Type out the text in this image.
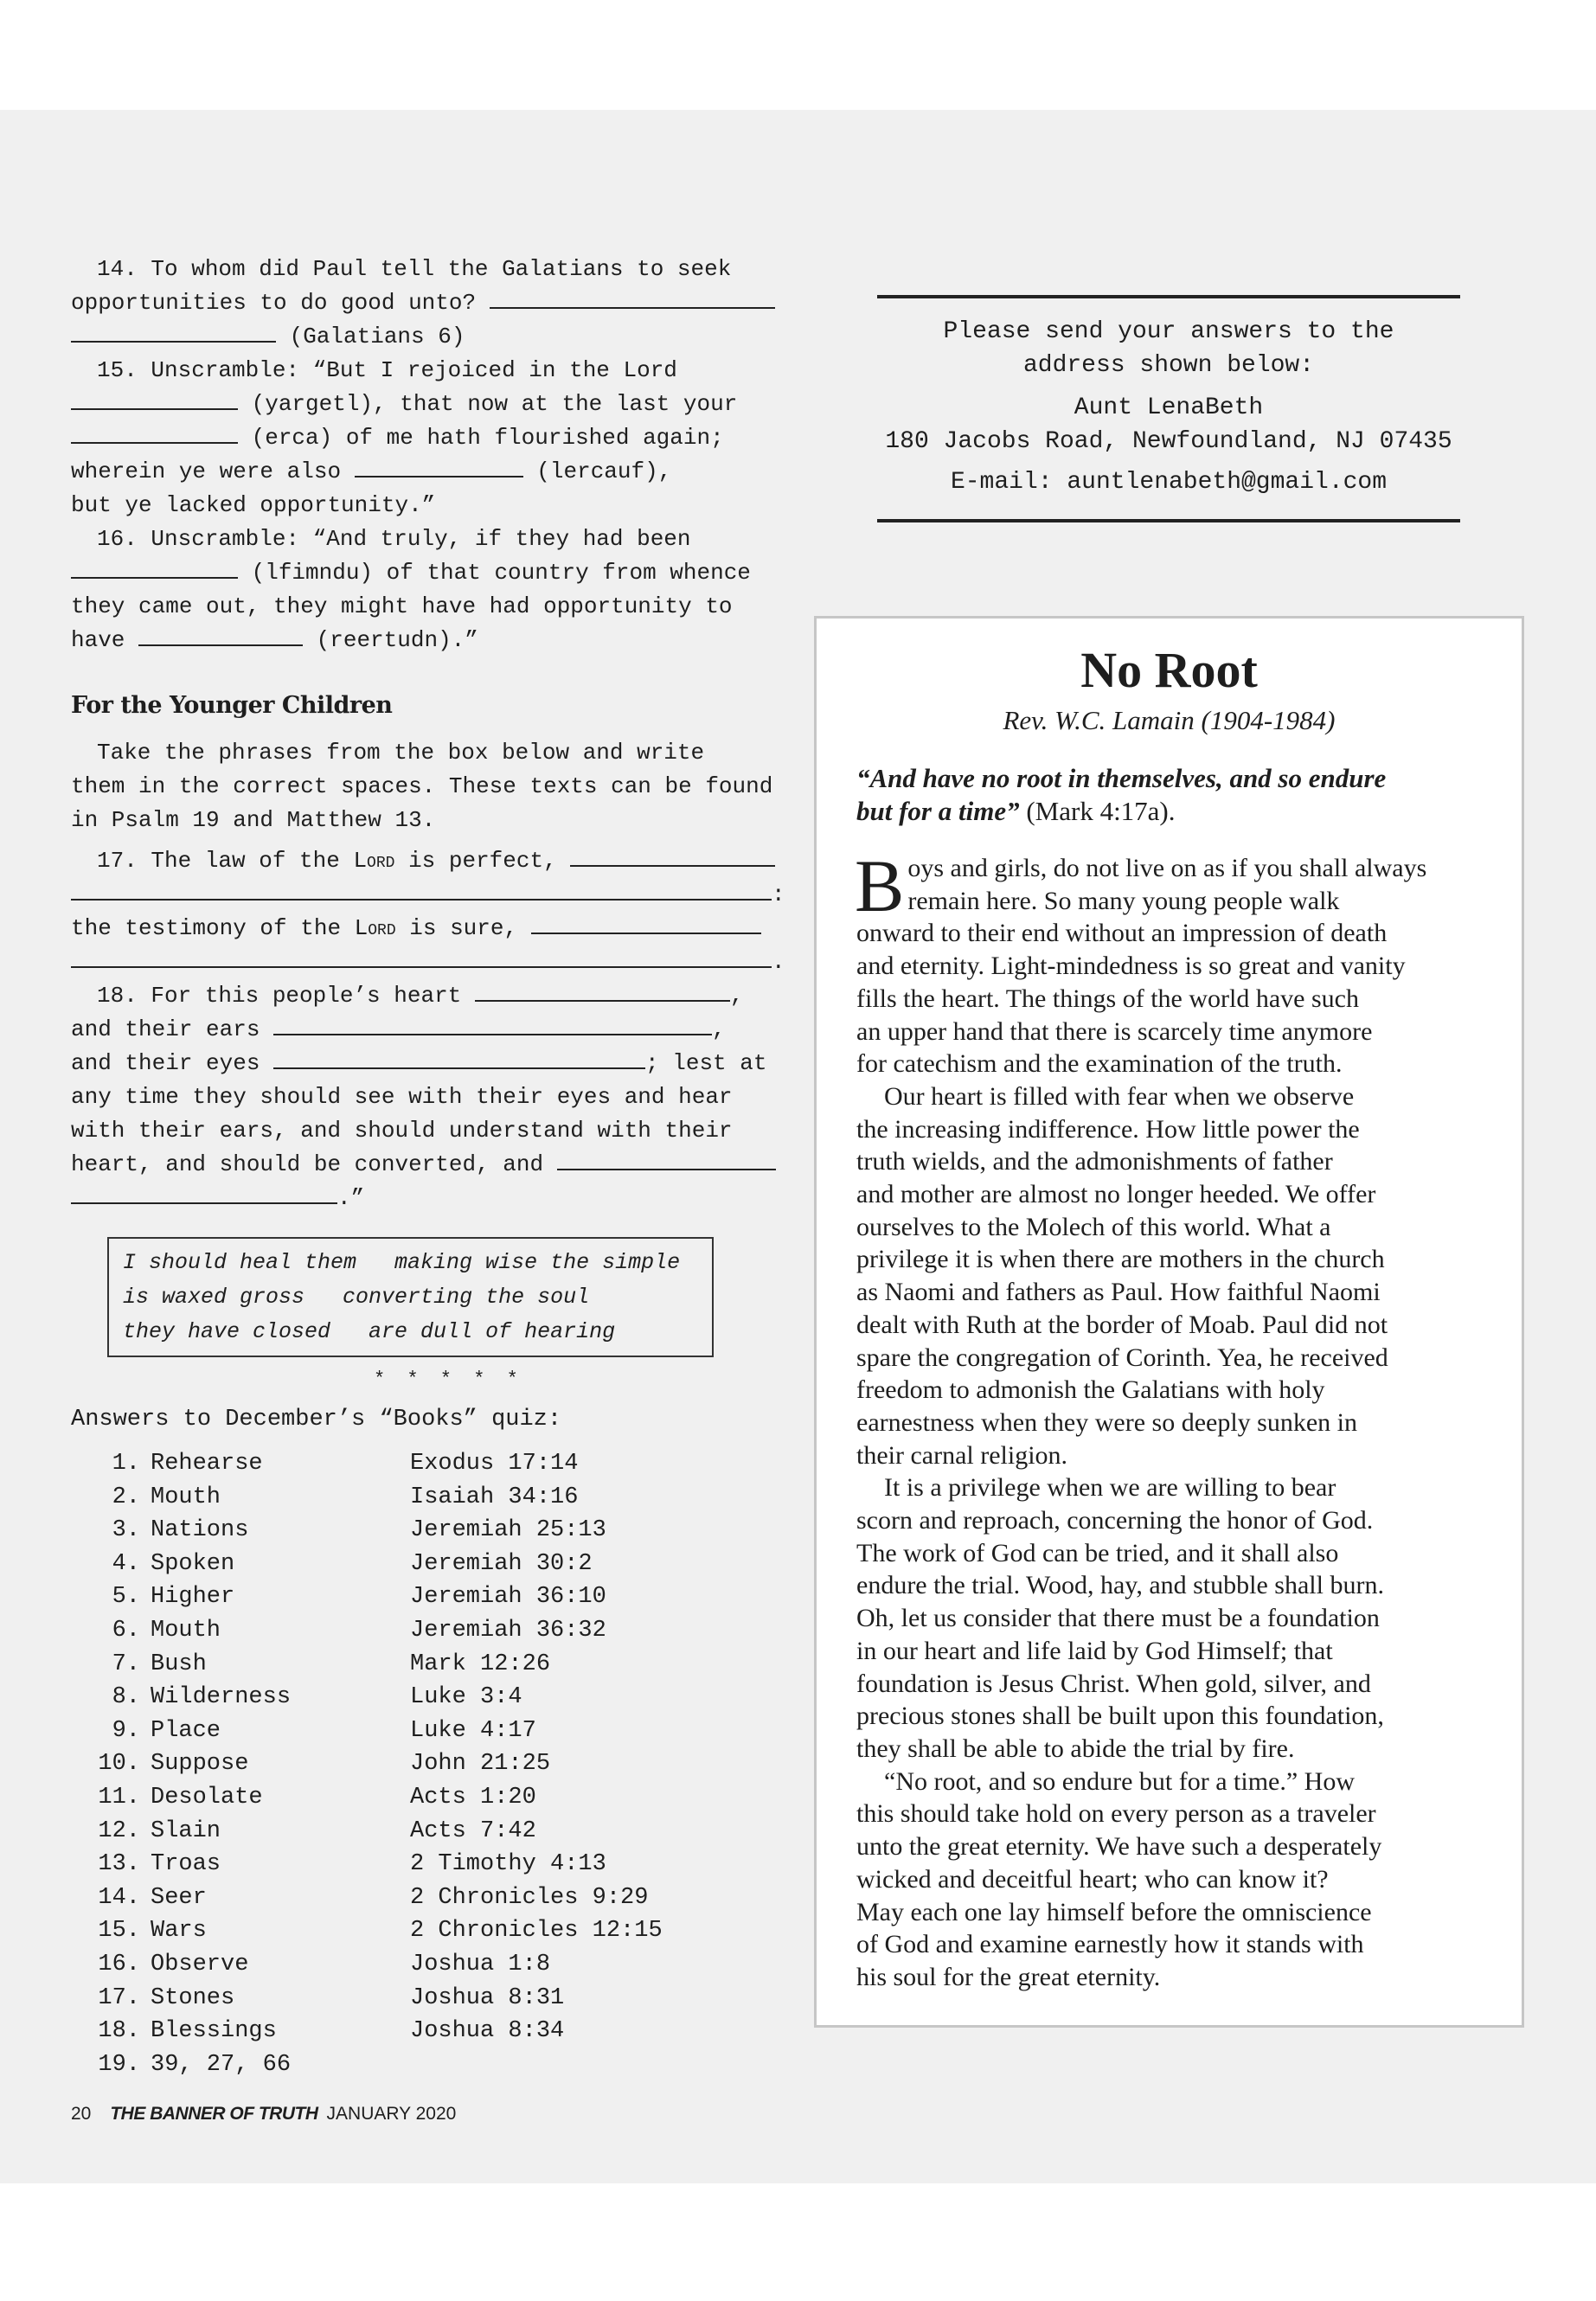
14. To whom did Paul tell the Galatians to seek
opportunities to do good unto?
(Galatians 6)
15. Unscramble: “But I rejoiced in the Lord
(yargetl), that now at the last your
(erca) of me hath flourished again;
wherein ye were also	(lercauf),
but ye lacked opportunity.”
16. Unscramble: “And truly, if they had been
(lfimndu) of that country from whence
they came out, they might have had opportunity to
have	(reertudn).”
For the Younger Children
Take the phrases from the box below and write
them in the correct spaces. These texts can be found
in Psalm 19 and Matthew 13.
17. The law of the Lord is perfect,
:
the testimony of the Lord is sure,
.
18. For this people’s heart	,
and their ears	,
and their eyes	; lest at
any time they should see with their eyes and hear
with their ears, and should understand with their
heart, and should be converted, and
.”
I should heal them making wise the simple
is waxed gross converting the soul
they have closed are dull of hearing
* * * * *
Answers to December’s “Books” quiz:
1. Rehearse	Exodus 17:14
2. Mouth	Isaiah 34:16
3. Nations	Jeremiah 25:13
4. Spoken	Jeremiah 30:2
5. Higher	Jeremiah 36:10
6. Mouth	Jeremiah 36:32
7. Bush	Mark 12:26
8. Wilderness	Luke 3:4
9. Place	Luke 4:17
10. Suppose	John 21:25
11. Desolate	Acts 1:20
12. Slain	Acts 7:42
13. Troas	2 Timothy 4:13
14. Seer	2 Chronicles 9:29
15. Wars	2 Chronicles 12:15
16. Observe	Joshua 1:8
17. Stones	Joshua 8:31
18. Blessings	Joshua 8:34
19. 39, 27, 66
20 THE BANNER OF TRUTH JANUARY 2020
Please send your answers to the
address shown below:
Aunt LenaBeth
180 Jacobs Road, Newfoundland, NJ 07435
E-mail: auntlenabeth@gmail.com
No Root
Rev. W.C. Lamain (1904-1984)
“And have no root in themselves, and so endure
but for a time” (Mark 4:17a).
B oys and girls, do not live on as if you shall always
remain here. So many young people walk
onward to their end without an impression of death
and eternity. Light-mindedness is so great and vanity
fills the heart. The things of the world have such
an upper hand that there is scarcely time anymore
for catechism and the examination of the truth.
Our heart is filled with fear when we observe
the increasing indifference. How little power the
truth wields, and the admonishments of father
and mother are almost no longer heeded. We offer
ourselves to the Molech of this world. What a
privilege it is when there are mothers in the church
as Naomi and fathers as Paul. How faithful Naomi
dealt with Ruth at the border of Moab. Paul did not
spare the congregation of Corinth. Yea, he received
freedom to admonish the Galatians with holy
earnestness when they were so deeply sunken in
their carnal religion.
It is a privilege when we are willing to bear
scorn and reproach, concerning the honor of God.
The work of God can be tried, and it shall also
endure the trial. Wood, hay, and stubble shall burn.
Oh, let us consider that there must be a foundation
in our heart and life laid by God Himself; that
foundation is Jesus Christ. When gold, silver, and
precious stones shall be built upon this foundation,
they shall be able to abide the trial by fire.
“No root, and so endure but for a time.” How
this should take hold on every person as a traveler
unto the great eternity. We have such a desperately
wicked and deceitful heart; who can know it?
May each one lay himself before the omniscience
of God and examine earnestly how it stands with
his soul for the great eternity.
